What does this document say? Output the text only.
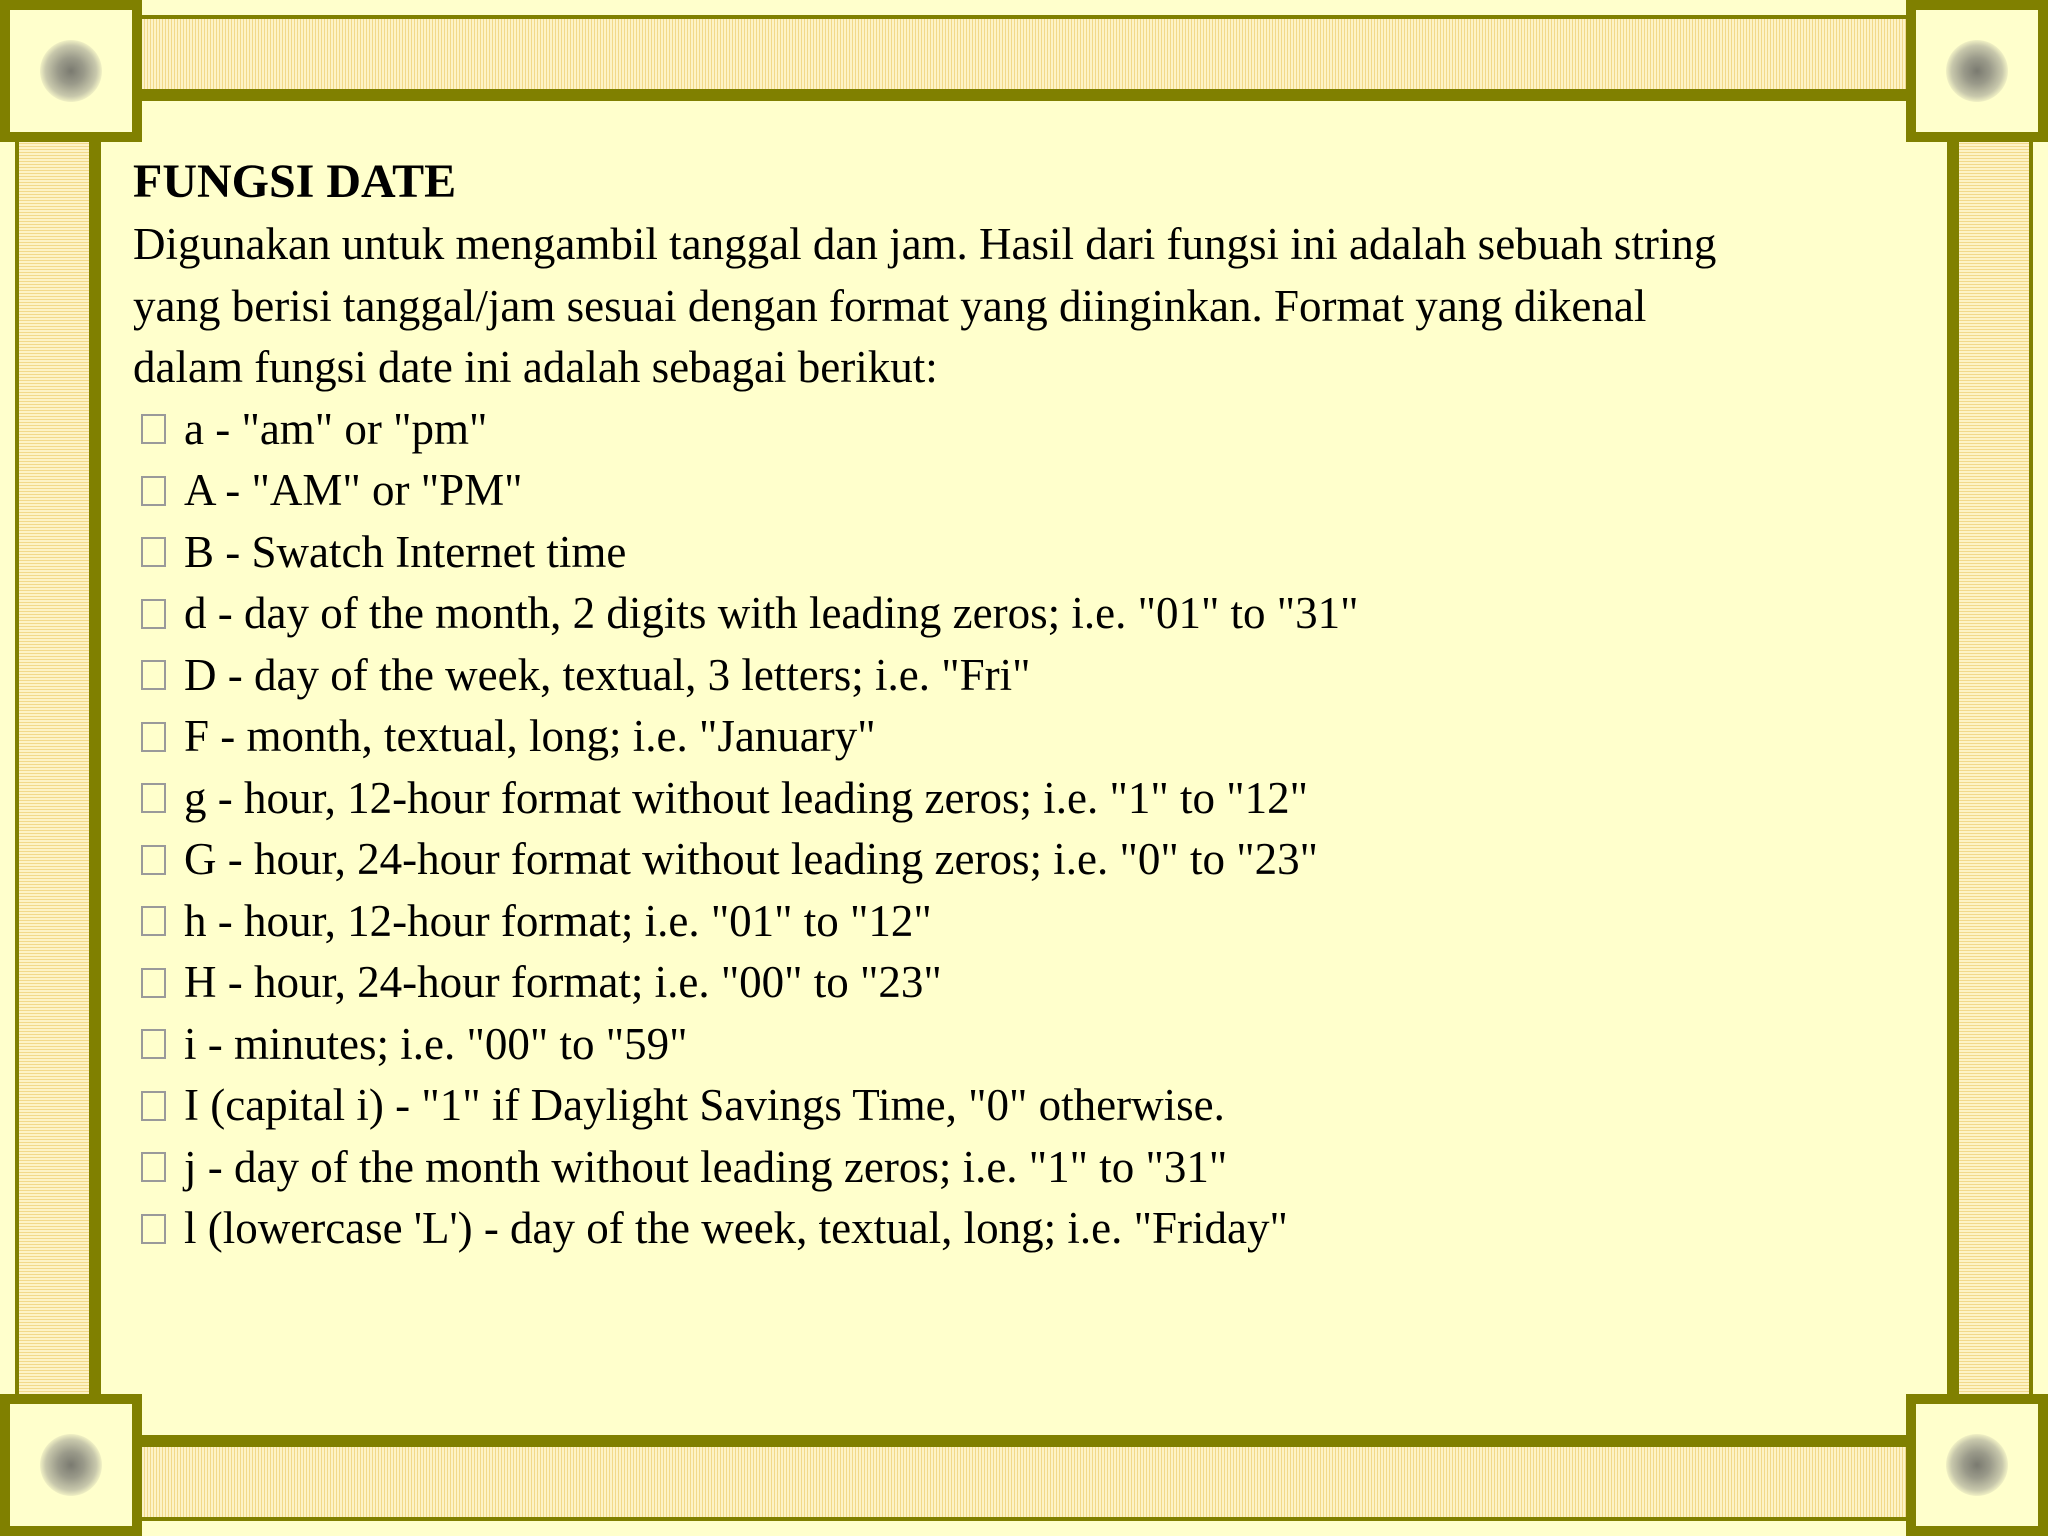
FUNGSI DATE
Digunakan untuk mengambil tanggal dan jam. Hasil dari fungsi ini adalah sebuah string
yang berisi tanggal/jam sesuai dengan format yang diinginkan. Format yang dikenal
dalam fungsi date ini adalah sebagai berikut:
a - "am" or "pm"
A - "AM" or "PM"
B - Swatch Internet time
d - day of the month, 2 digits with leading zeros; i.e. "01" to "31"
D - day of the week, textual, 3 letters; i.e. "Fri"
F - month, textual, long; i.e. "January"
g - hour, 12-hour format without leading zeros; i.e. "1" to "12"
G - hour, 24-hour format without leading zeros; i.e. "0" to "23"
h - hour, 12-hour format; i.e. "01" to "12"
H - hour, 24-hour format; i.e. "00" to "23"
i - minutes; i.e. "00" to "59"
I (capital i) - "1" if Daylight Savings Time, "0" otherwise.
j - day of the month without leading zeros; i.e. "1" to "31"
l (lowercase 'L') - day of the week, textual, long; i.e. "Friday"
